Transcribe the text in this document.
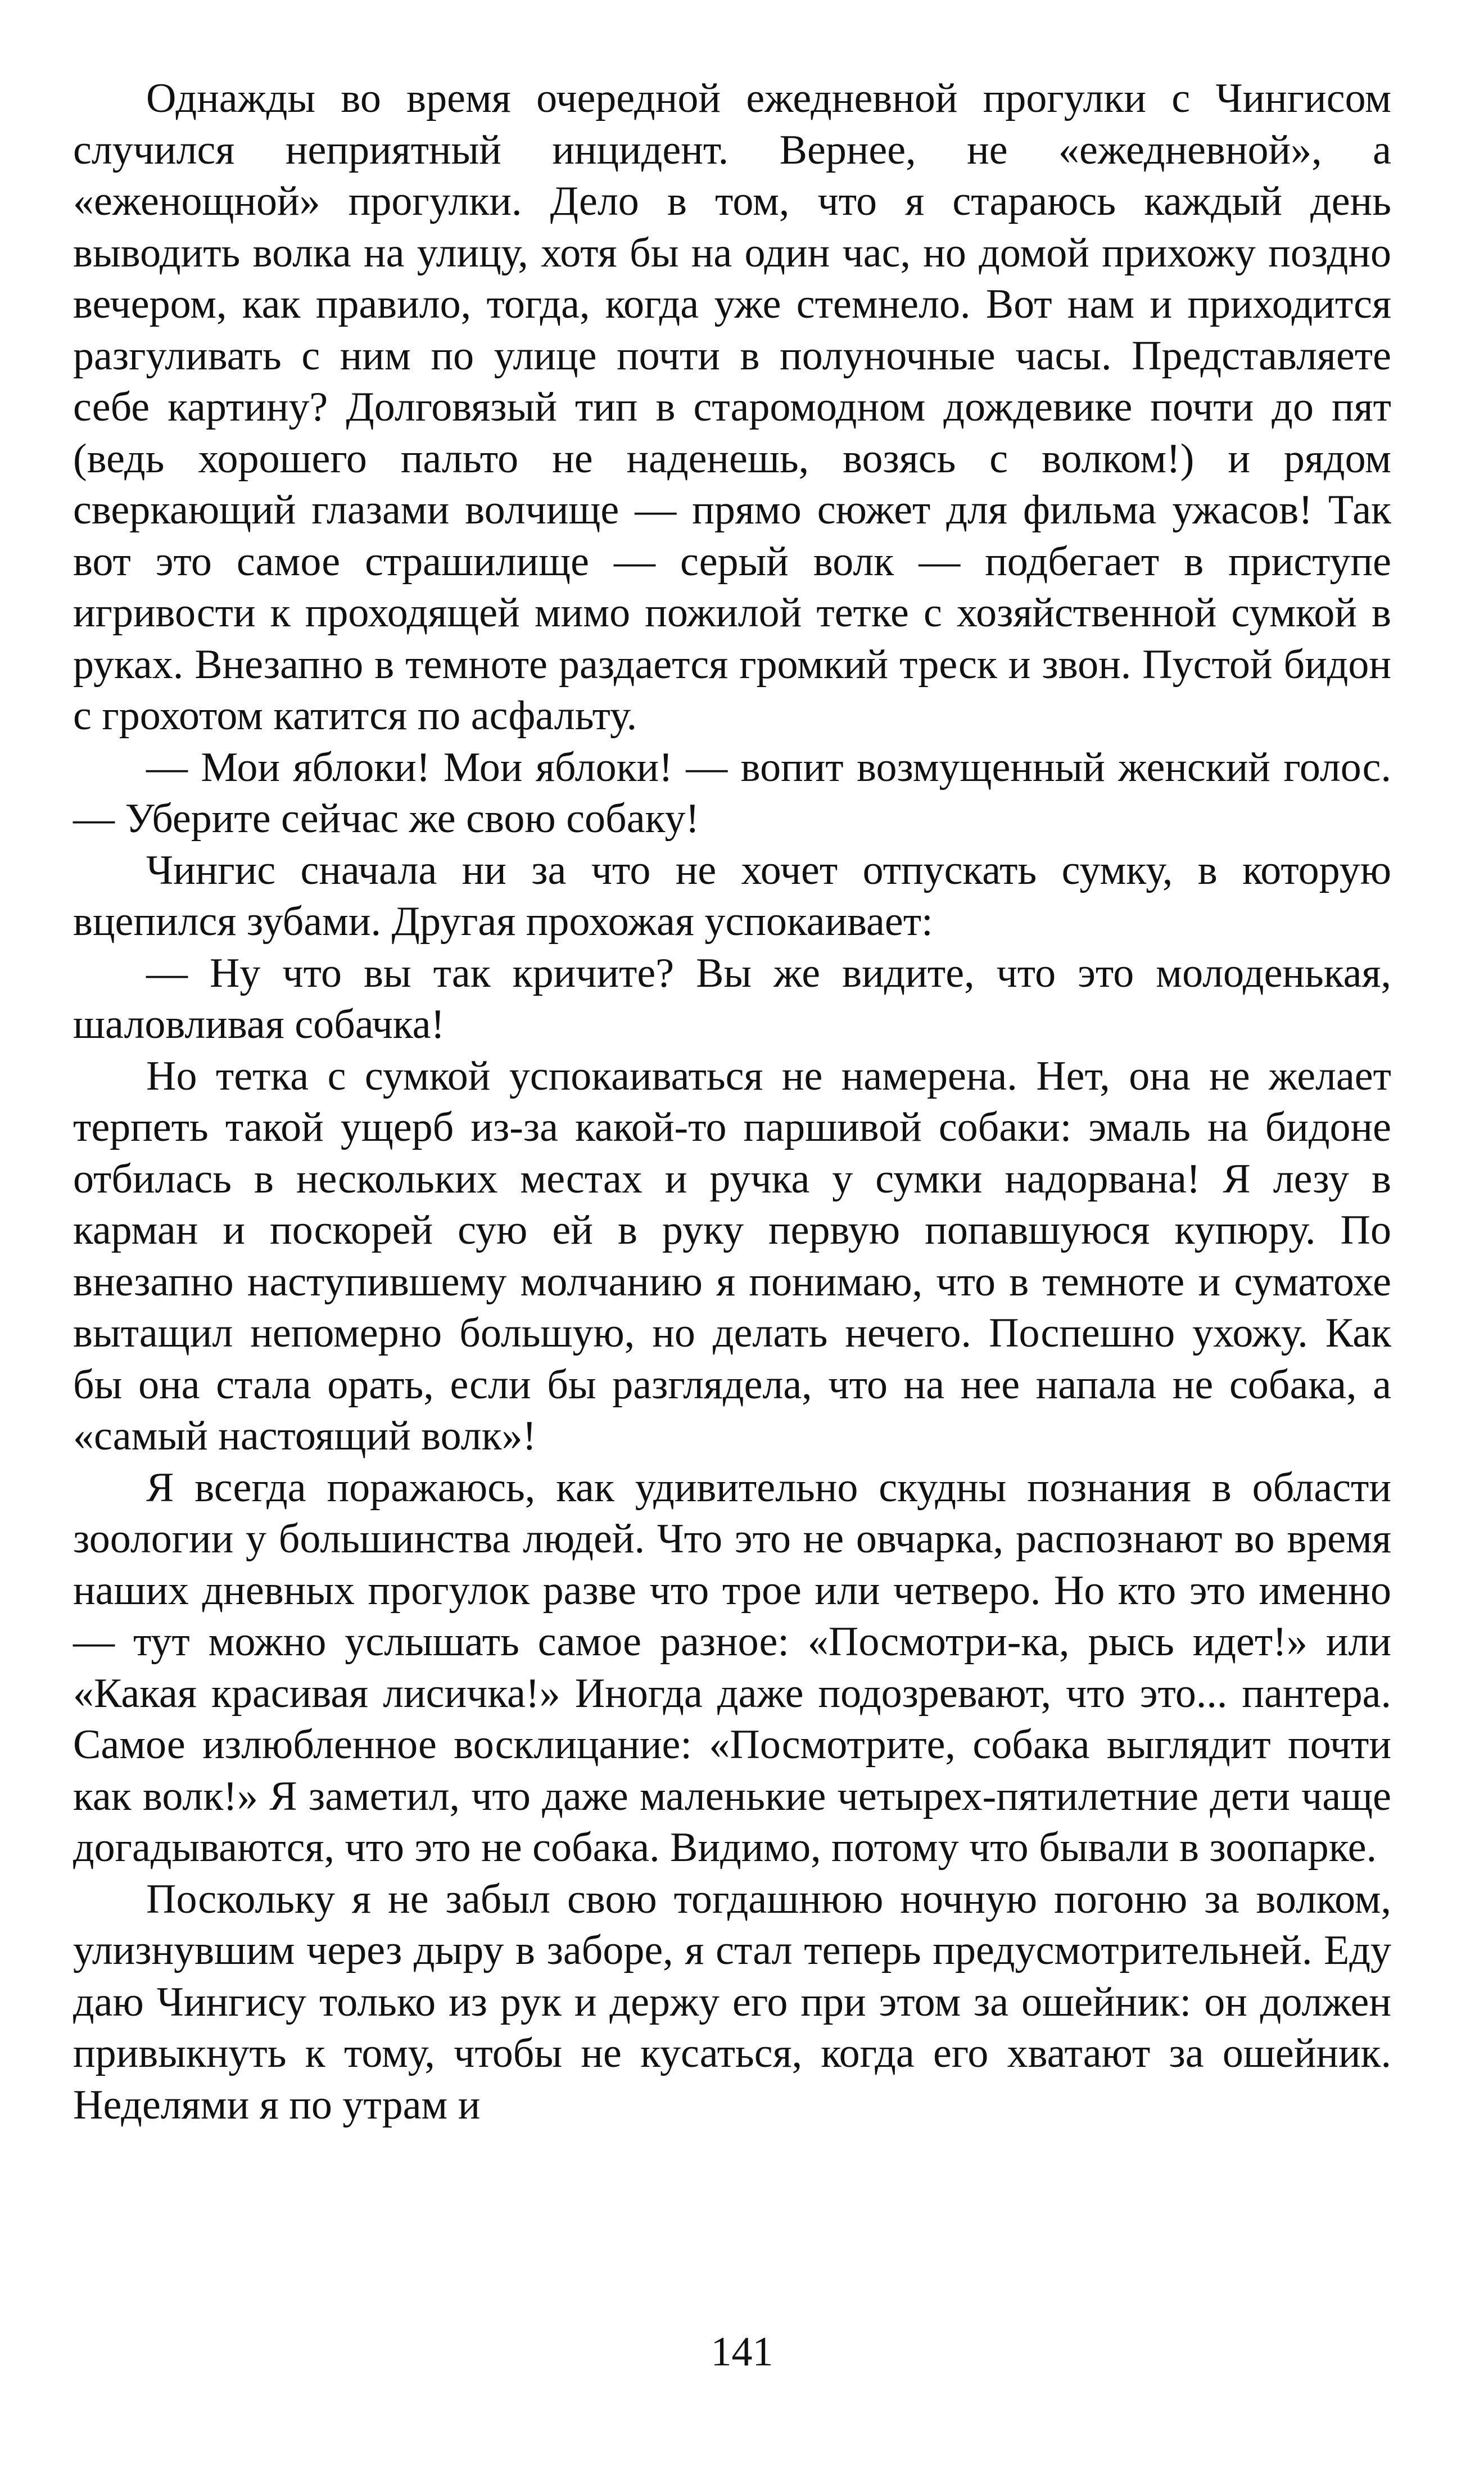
Однажды во время очередной ежедневной прогулки с Чингисом случился неприятный инцидент. Вернее, не «ежедневной», а «еженощной» прогулки. Дело в том, что я стараюсь каждый день выводить волка на улицу, хотя бы на один час, но домой прихожу поздно вечером, как правило, тогда, когда уже стемнело. Вот нам и приходится разгуливать с ним по улице почти в полуночные часы. Представляете себе картину? Долговязый тип в старомодном дождевике почти до пят (ведь хорошего пальто не наденешь, возясь с волком!) и рядом сверкающий глазами волчище — прямо сюжет для фильма ужасов! Так вот это самое страшилище — серый волк — подбегает в приступе игривости к проходящей мимо пожилой тетке с хозяйственной сумкой в руках. Внезапно в темноте раздается громкий треск и звон. Пустой бидон с грохотом катится по асфальту.

— Мои яблоки! Мои яблоки! — вопит возмущенный женский голос.— Уберите сейчас же свою собаку!

Чингис сначала ни за что не хочет отпускать сумку, в которую вцепился зубами. Другая прохожая успокаивает:

— Ну что вы так кричите? Вы же видите, что это молоденькая, шаловливая собачка!

Но тетка с сумкой успокаиваться не намерена. Нет, она не желает терпеть такой ущерб из-за какой-то паршивой собаки: эмаль на бидоне отбилась в нескольких местах и ручка у сумки надорвана! Я лезу в карман и поскорей сую ей в руку первую попавшуюся купюру. По внезапно наступившему молчанию я понимаю, что в темноте и суматохе вытащил непомерно большую, но делать нечего. Поспешно ухожу. Как бы она стала орать, если бы разглядела, что на нее напала не собака, а «самый настоящий волк»!

Я всегда поражаюсь, как удивительно скудны познания в области зоологии у большинства людей. Что это не овчарка, распознают во время наших дневных прогулок разве что трое или четверо. Но кто это именно — тут можно услышать самое разное: «Посмотри-ка, рысь идет!» или «Какая красивая лисичка!» Иногда даже подозревают, что это... пантера. Самое излюбленное восклицание: «Посмотрите, собака выглядит почти как волк!» Я заметил, что даже маленькие четырех-пятилетние дети чаще догадываются, что это не собака. Видимо, потому что бывали в зоопарке.

Поскольку я не забыл свою тогдашнюю ночную погоню за волком, улизнувшим через дыру в заборе, я стал теперь предусмотрительней. Еду даю Чингису только из рук и держу его при этом за ошейник: он должен привыкнуть к тому, чтобы не кусаться, когда его хватают за ошейник. Неделями я по утрам и

141
